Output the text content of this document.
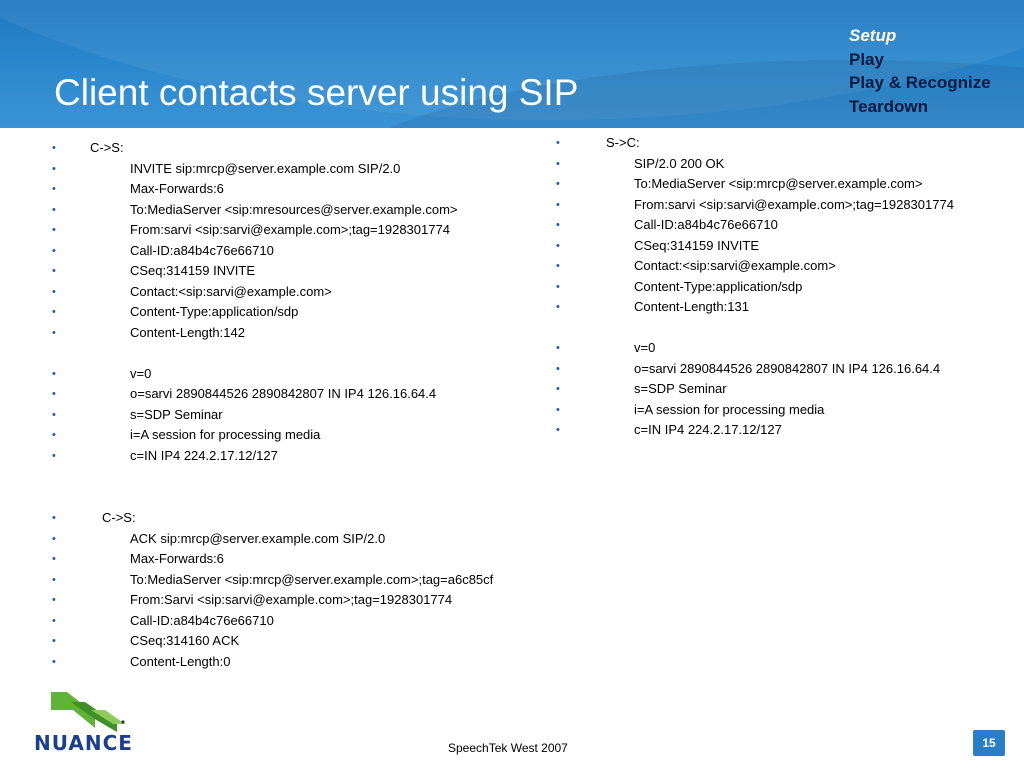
Client contacts server using SIP
Setup
Play
Play & Recognize
Teardown
•	C->S:
•	INVITE sip:mrcp@server.example.com SIP/2.0
•	Max-Forwards:6
•	To:MediaServer <sip:mresources@server.example.com>
•	From:sarvi <sip:sarvi@example.com>;tag=1928301774
•	Call-ID:a84b4c76e66710
•	CSeq:314159 INVITE
•	Contact:<sip:sarvi@example.com>
•	Content-Type:application/sdp
•	Content-Length:142
•	v=0
•	o=sarvi 2890844526 2890842807 IN IP4 126.16.64.4
•	s=SDP Seminar
•	i=A session for processing media
•	c=IN IP4 224.2.17.12/127
•	C->S:
•	ACK sip:mrcp@server.example.com SIP/2.0
•	Max-Forwards:6
•	To:MediaServer <sip:mrcp@server.example.com>;tag=a6c85cf
•	From:Sarvi <sip:sarvi@example.com>;tag=1928301774
•	Call-ID:a84b4c76e66710
•	CSeq:314160 ACK
•	Content-Length:0
•	S->C:
•	SIP/2.0 200 OK
•	To:MediaServer <sip:mrcp@server.example.com>
•	From:sarvi <sip:sarvi@example.com>;tag=1928301774
•	Call-ID:a84b4c76e66710
•	CSeq:314159 INVITE
•	Contact:<sip:sarvi@example.com>
•	Content-Type:application/sdp
•	Content-Length:131
•	v=0
•	o=sarvi 2890844526 2890842807 IN IP4 126.16.64.4
•	s=SDP Seminar
•	i=A session for processing media
•	c=IN IP4 224.2.17.12/127
NUANCE	SpeechTek West 2007	15
